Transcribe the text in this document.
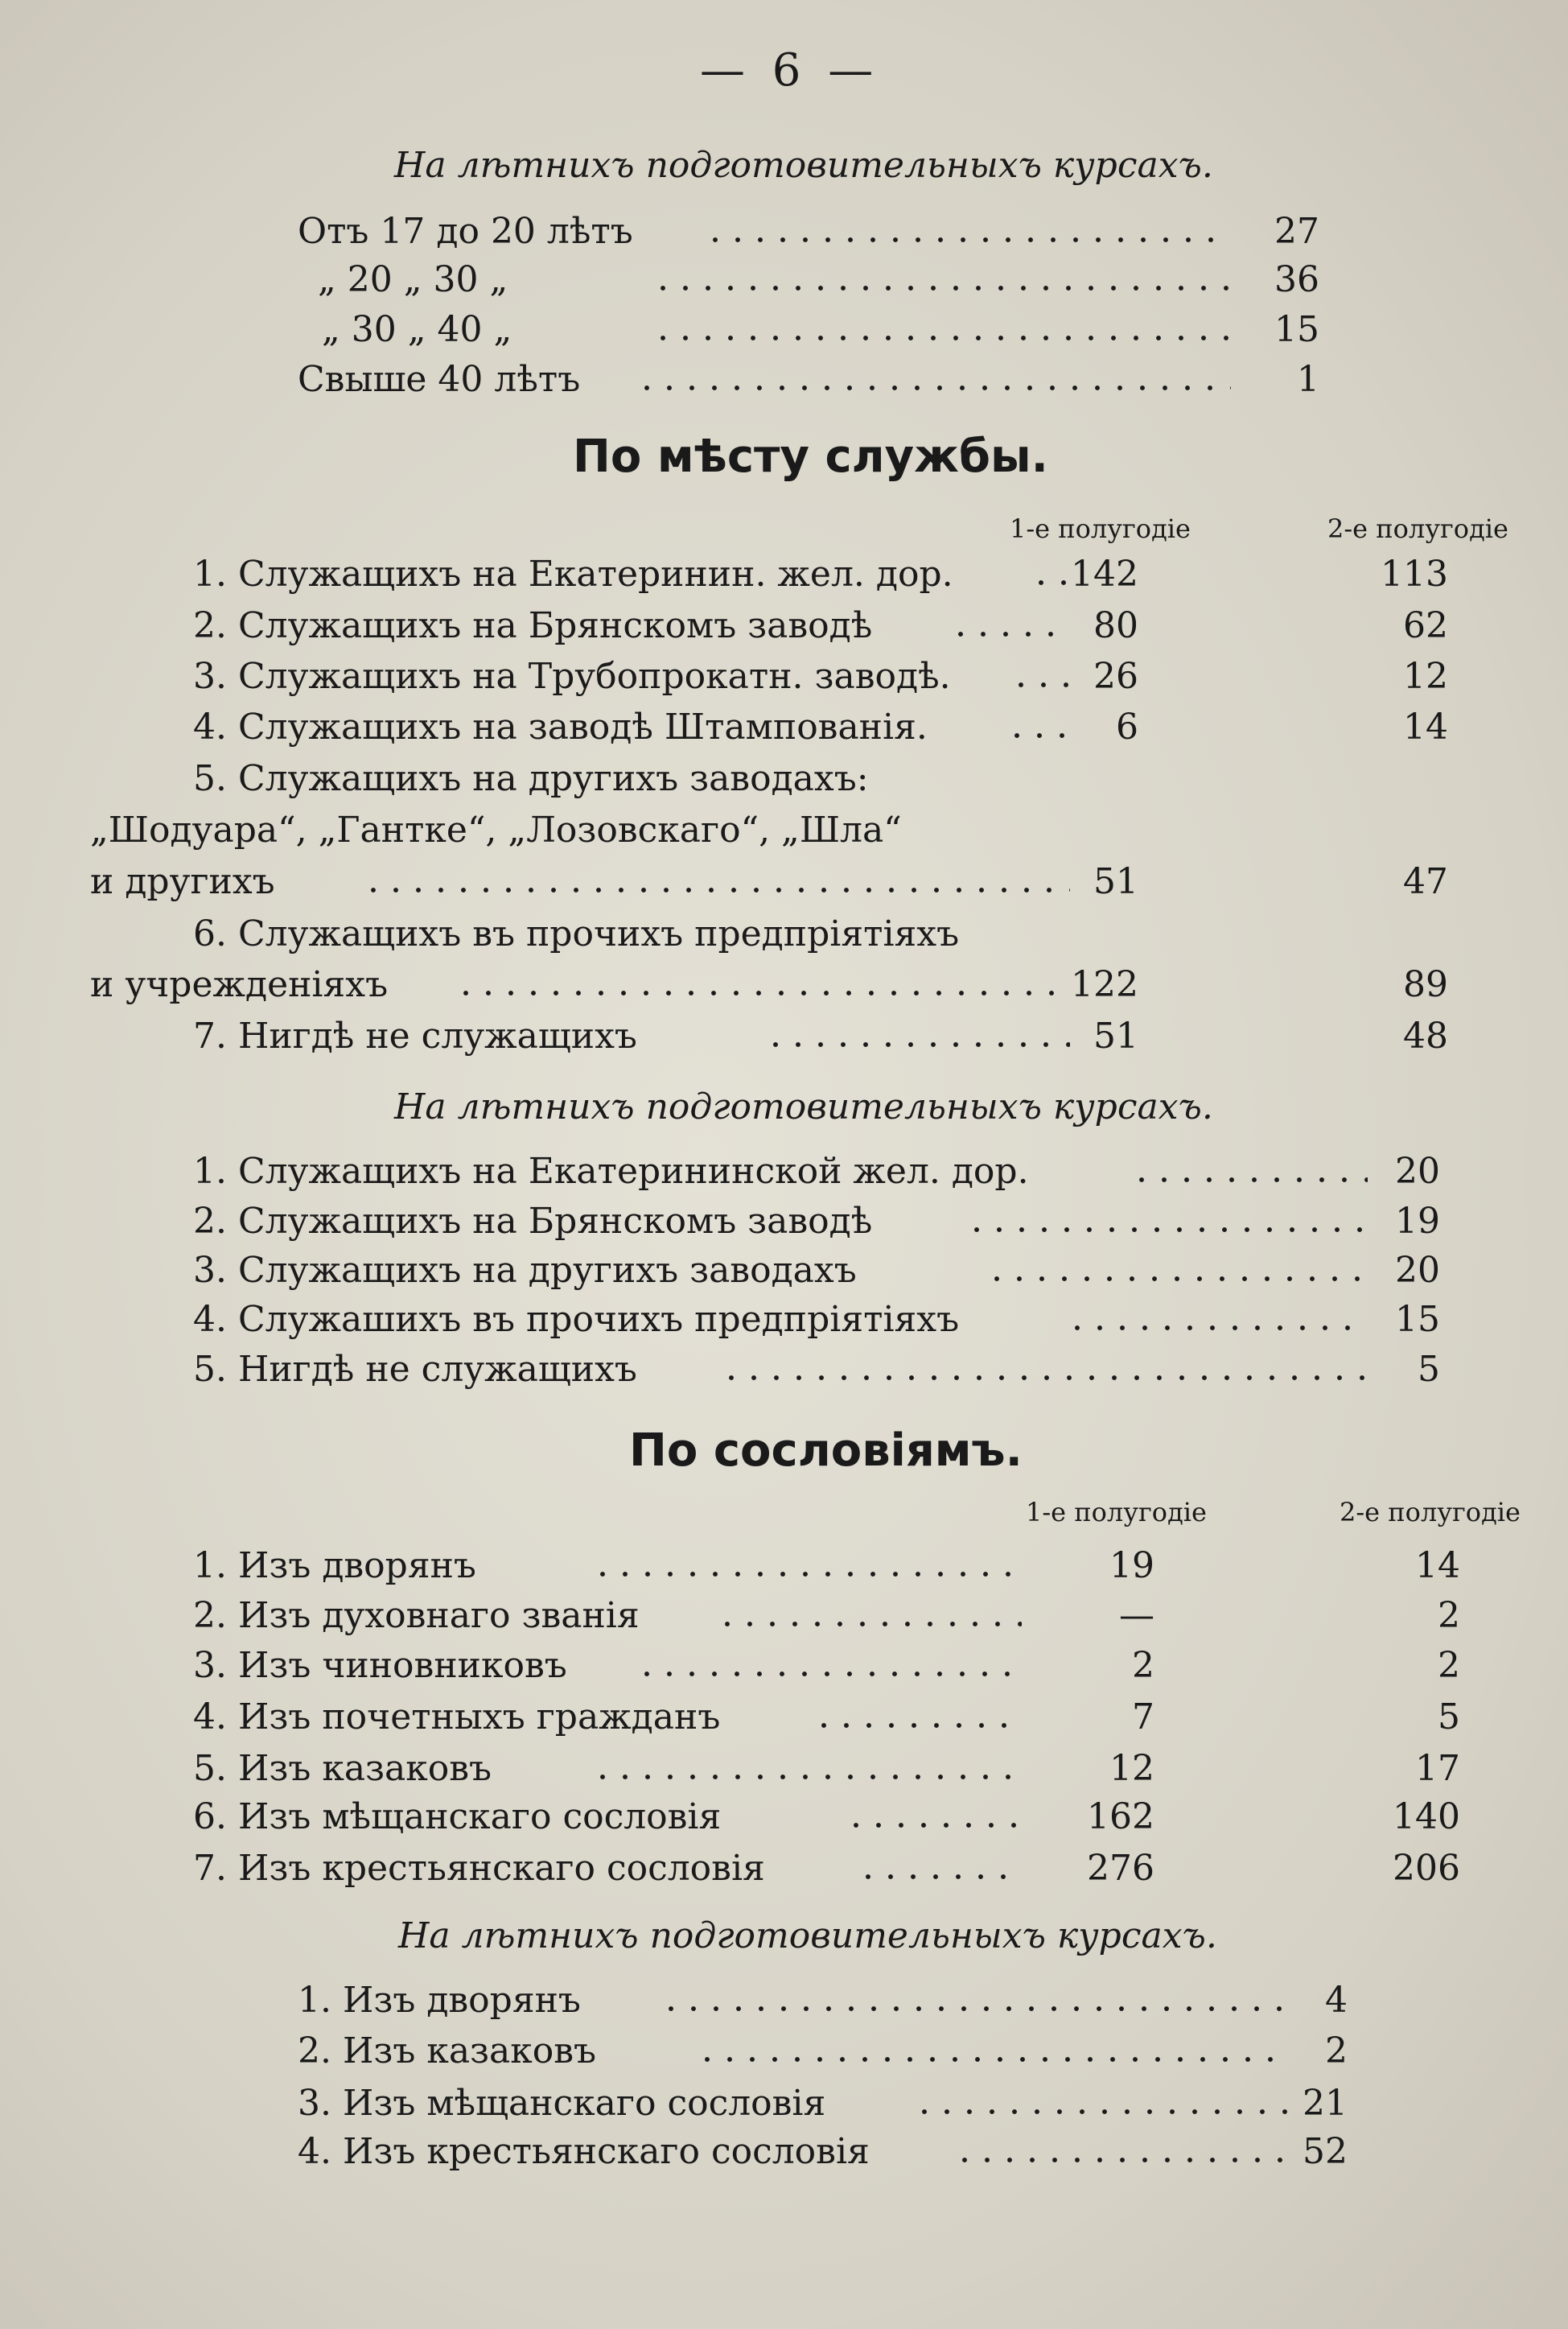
— 6 —
На лѣтнихъ подготовительныхъ курсахъ.
Отъ 17 до 20 лѣтъ	27
„ 20 „ 30 „	36
„ 30 „ 40 „	15
Свыше 40 лѣтъ	1
По мѣсту службы.
1-е полугодіе	2-е полугодіе
1. Служащихъ на Екатеринин. жел. дор.	142	113
2. Служащихъ на Брянскомъ заводѣ	80	62
3. Служащихъ на Трубопрокатн. заводѣ.	26	12
4. Служащихъ на заводѣ Штампованія.	6	14
5. Служащихъ на другихъ заводахъ:
„Шодуара“, „Гантке“, „Лозовскаго“, „Шла“
и другихъ	51	47
6. Служащихъ въ прочихъ предпріятіяхъ
и учрежденіяхъ	122	89
7. Нигдѣ не служащихъ	51	48
На лѣтнихъ подготовительныхъ курсахъ.
1. Служащихъ на Екатерининской жел. дор.	20
2. Служащихъ на Брянскомъ заводѣ	19
3. Служащихъ на другихъ заводахъ	20
4. Служашихъ въ прочихъ предпріятіяхъ	15
5. Нигдѣ не служащихъ	5
По сословіямъ.
1-е полугодіе	2-е полугодіе
1. Изъ дворянъ	19	14
2. Изъ духовнаго званія	—	2
3. Изъ чиновниковъ	2	2
4. Изъ почетныхъ гражданъ	7	5
5. Изъ казаковъ	12	17
6. Изъ мѣщанскаго сословія	162	140
7. Изъ крестьянскаго сословія	276	206
На лѣтнихъ подготовительныхъ курсахъ.
1. Изъ дворянъ	4
2. Изъ казаковъ	2
3. Изъ мѣщанскаго сословія	21
4. Изъ крестьянскаго сословія	52
